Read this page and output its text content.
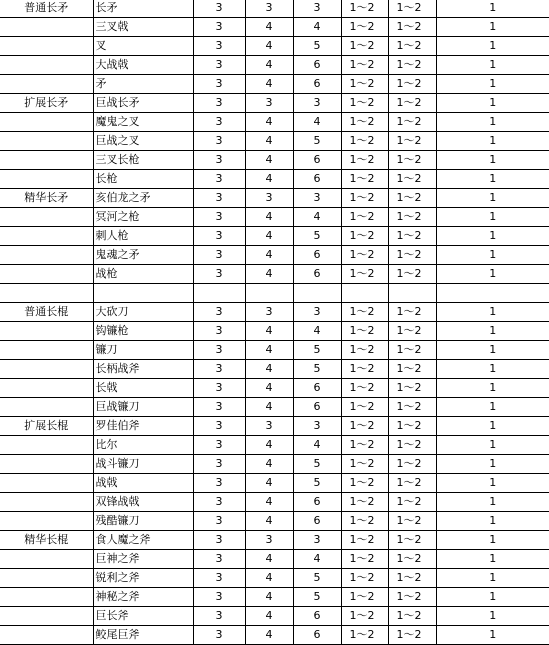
普通长矛	长矛	3	3	3	1～2	1～2	1
	三叉戟	3	4	4	1～2	1～2	1
	叉	3	4	5	1～2	1～2	1
	大战戟	3	4	6	1～2	1～2	1
	矛	3	4	6	1～2	1～2	1
扩展长矛	巨战长矛	3	3	3	1～2	1～2	1
	魔鬼之叉	3	4	4	1～2	1～2	1
	巨战之叉	3	4	5	1～2	1～2	1
	三叉长枪	3	4	6	1～2	1～2	1
	长枪	3	4	6	1～2	1～2	1
精华长矛	亥伯龙之矛	3	3	3	1～2	1～2	1
	冥河之枪	3	4	4	1～2	1～2	1
	刺人枪	3	4	5	1～2	1～2	1
	鬼魂之矛	3	4	6	1～2	1～2	1
	战枪	3	4	6	1～2	1～2	1

普通长棍	大砍刀	3	3	3	1～2	1～2	1
	钩镰枪	3	4	4	1～2	1～2	1
	镰刀	3	4	5	1～2	1～2	1
	长柄战斧	3	4	5	1～2	1～2	1
	长戟	3	4	6	1～2	1～2	1
	巨战镰刀	3	4	6	1～2	1～2	1
扩展长棍	罗佳伯斧	3	3	3	1～2	1～2	1
	比尔	3	4	4	1～2	1～2	1
	战斗镰刀	3	4	5	1～2	1～2	1
	战戟	3	4	5	1～2	1～2	1
	双锋战戟	3	4	6	1～2	1～2	1
	残酷镰刀	3	4	6	1～2	1～2	1
精华长棍	食人魔之斧	3	3	3	1～2	1～2	1
	巨神之斧	3	4	4	1～2	1～2	1
	锐利之斧	3	4	5	1～2	1～2	1
	神秘之斧	3	4	5	1～2	1～2	1
	巨长斧	3	4	6	1～2	1～2	1
	鲛尾巨斧	3	4	6	1～2	1～2	1
